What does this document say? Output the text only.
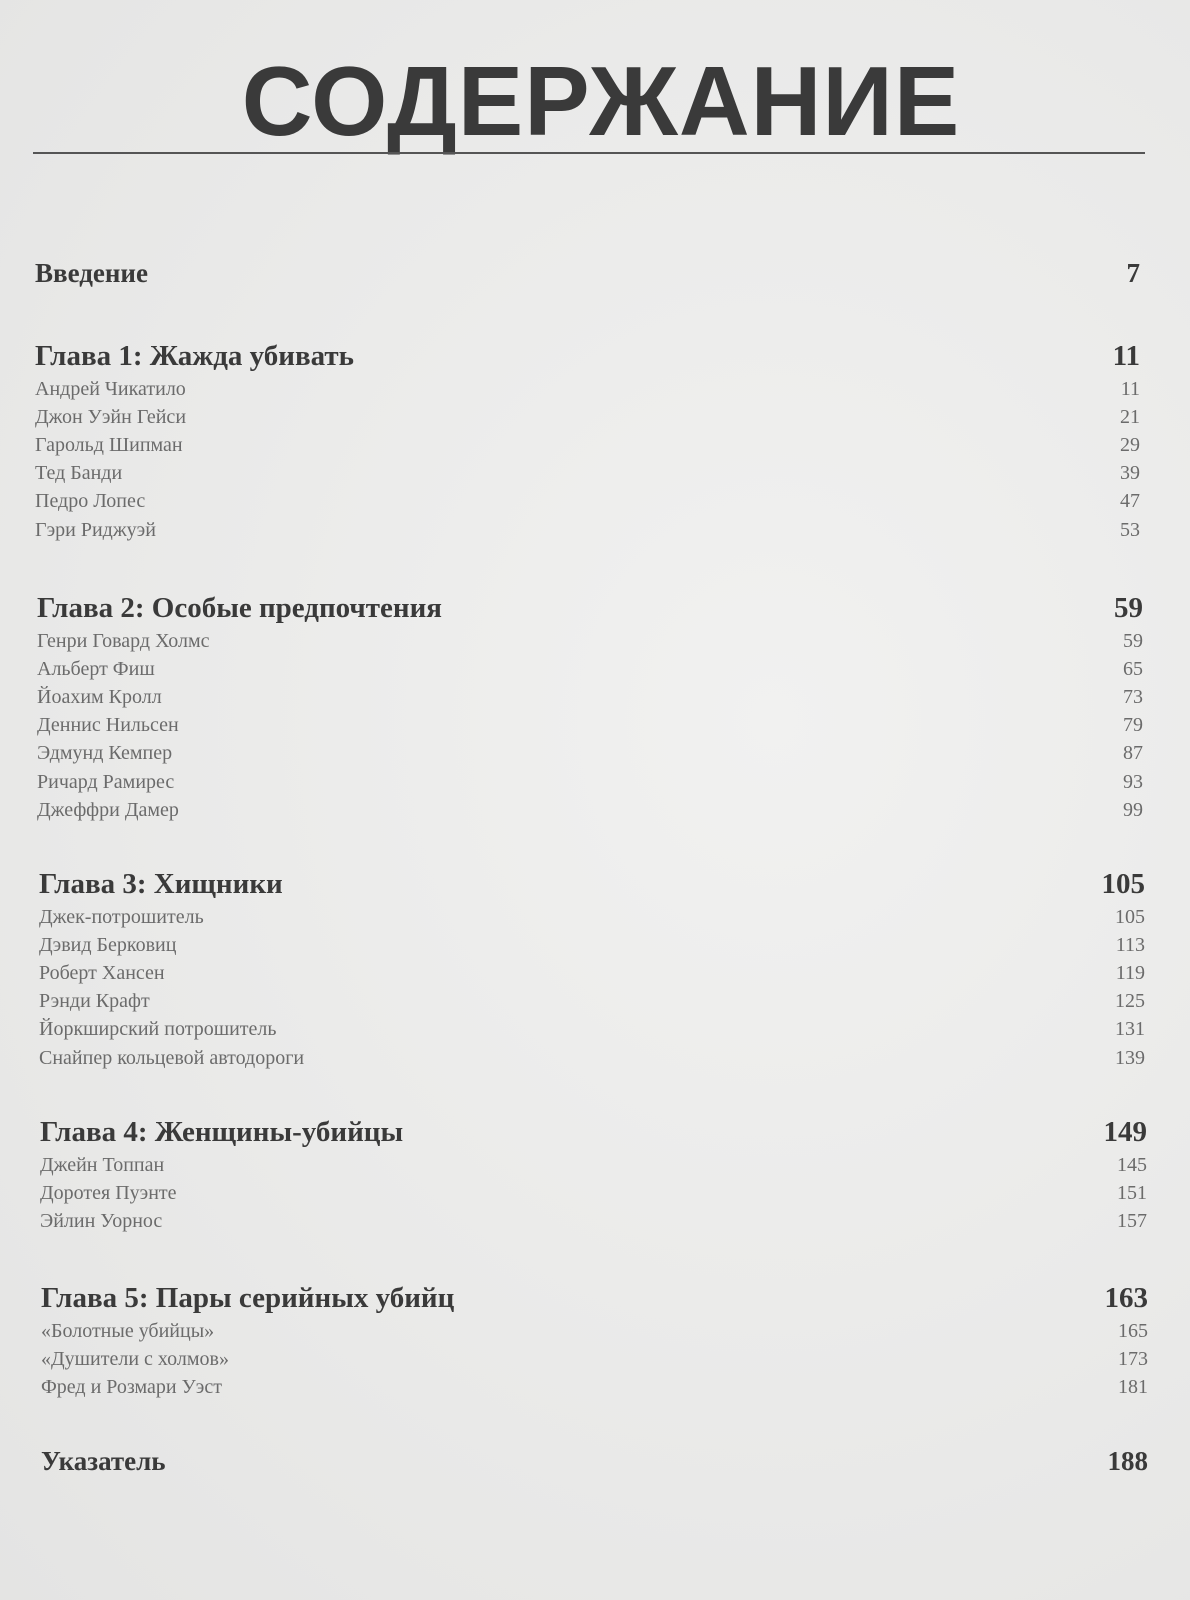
СОДЕРЖАНИЕ
Введение	7
Глава 1: Жажда убивать	11
Андрей Чикатило	11
Джон Уэйн Гейси	21
Гарольд Шипман	29
Тед Банди	39
Педро Лопес	47
Гэри Риджуэй	53
Глава 2: Особые предпочтения	59
Генри Говард Холмс	59
Альберт Фиш	65
Йоахим Кролл	73
Деннис Нильсен	79
Эдмунд Кемпер	87
Ричард Рамирес	93
Джеффри Дамер	99
Глава 3: Хищники	105
Джек-потрошитель	105
Дэвид Берковиц	113
Роберт Хансен	119
Рэнди Крафт	125
Йоркширский потрошитель	131
Снайпер кольцевой автодороги	139
Глава 4: Женщины-убийцы	149
Джейн Топпан	145
Доротея Пуэнте	151
Эйлин Уорнос	157
Глава 5: Пары серийных убийц	163
«Болотные убийцы»	165
«Душители с холмов»	173
Фред и Розмари Уэст	181
Указатель	188
